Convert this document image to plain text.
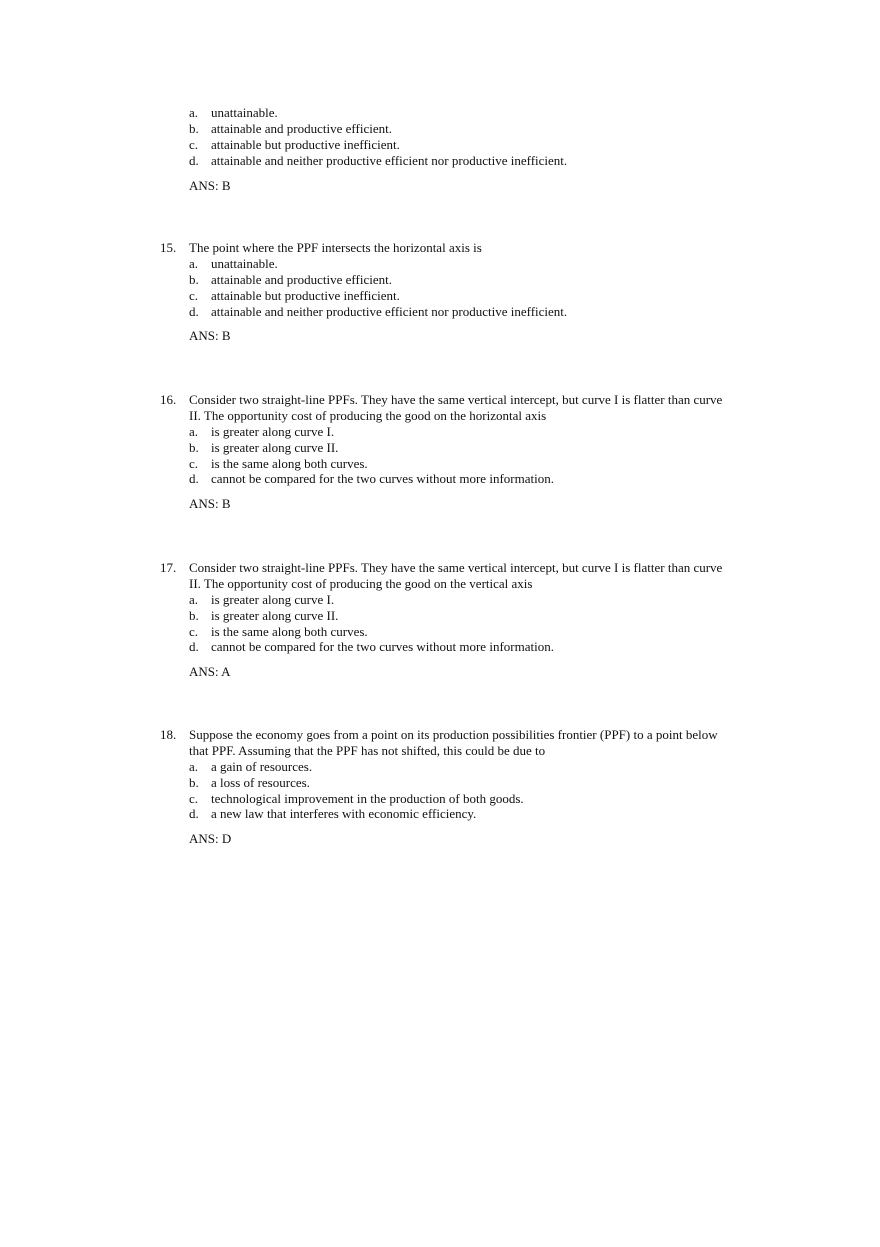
a. unattainable.
b. attainable and productive efficient.
c. attainable but productive inefficient.
d. attainable and neither productive efficient nor productive inefficient.
ANS: B
15. The point where the PPF intersects the horizontal axis is
a. unattainable.
b. attainable and productive efficient.
c. attainable but productive inefficient.
d. attainable and neither productive efficient nor productive inefficient.
ANS: B
16. Consider two straight-line PPFs. They have the same vertical intercept, but curve I is flatter than curve
II. The opportunity cost of producing the good on the horizontal axis
a. is greater along curve I.
b. is greater along curve II.
c. is the same along both curves.
d. cannot be compared for the two curves without more information.
ANS: B
17. Consider two straight-line PPFs. They have the same vertical intercept, but curve I is flatter than curve
II. The opportunity cost of producing the good on the vertical axis
a. is greater along curve I.
b. is greater along curve II.
c. is the same along both curves.
d. cannot be compared for the two curves without more information.
ANS: A
18. Suppose the economy goes from a point on its production possibilities frontier (PPF) to a point below
that PPF. Assuming that the PPF has not shifted, this could be due to
a. a gain of resources.
b. a loss of resources.
c. technological improvement in the production of both goods.
d. a new law that interferes with economic efficiency.
ANS: D
